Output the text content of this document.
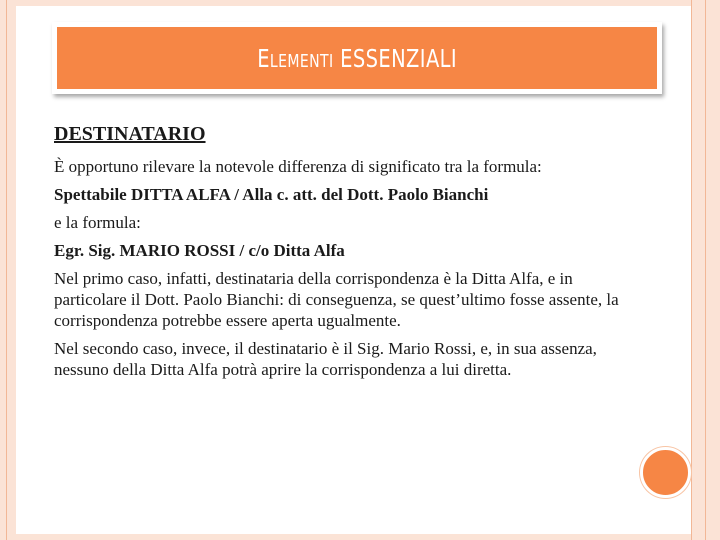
Elementi ESSENZIALI
DESTINATARIO

È opportuno rilevare la notevole differenza di significato tra la formula:

Spettabile DITTA ALFA / Alla c. att. del Dott. Paolo Bianchi

e la formula:

Egr. Sig. MARIO ROSSI / c/o Ditta Alfa

Nel primo caso, infatti, destinataria della corrispondenza è la Ditta Alfa, e in particolare il Dott. Paolo Bianchi: di conseguenza, se quest’ultimo fosse assente, la corrispondenza potrebbe essere aperta ugualmente.

Nel secondo caso, invece, il destinatario è il Sig. Mario Rossi, e, in sua assenza, nessuno della Ditta Alfa potrà aprire la corrispondenza a lui diretta.
